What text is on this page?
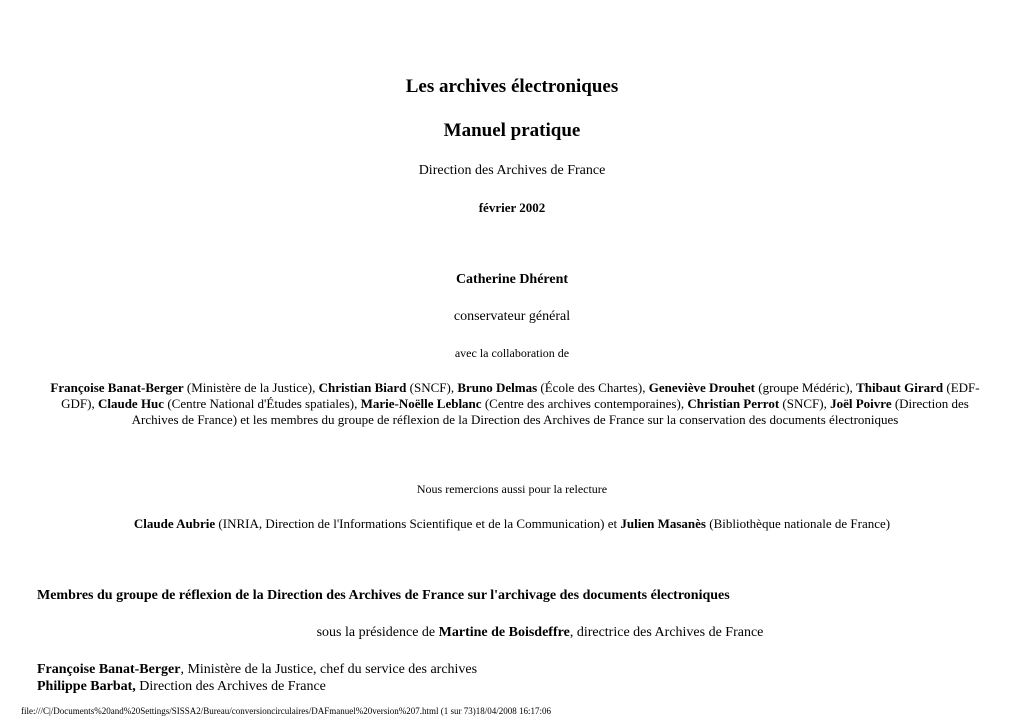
Les archives électroniques
Manuel pratique
Direction des Archives de France
février 2002
Catherine Dhérent
conservateur général
avec la collaboration de
Françoise Banat-Berger (Ministère de la Justice), Christian Biard (SNCF), Bruno Delmas (École des Chartes), Geneviève Drouhet (groupe Médéric), Thibaut Girard (EDF-GDF), Claude Huc (Centre National d'Études spatiales), Marie-Noëlle Leblanc (Centre des archives contemporaines), Christian Perrot (SNCF), Joël Poivre (Direction des Archives de France) et les membres du groupe de réflexion de la Direction des Archives de France sur la conservation des documents électroniques
Nous remercions aussi pour la relecture
Claude Aubrie (INRIA, Direction de l'Informations Scientifique et de la Communication) et Julien Masanès (Bibliothèque nationale de France)
Membres du groupe de réflexion de la Direction des Archives de France sur l'archivage des documents électroniques
sous la présidence de Martine de Boisdeffre, directrice des Archives de France
Françoise Banat-Berger, Ministère de la Justice, chef du service des archives
Philippe Barbat, Direction des Archives de France
file:///C|/Documents%20and%20Settings/SISSA2/Bureau/conversioncirculaires/DAFmanuel%20version%207.html (1 sur 73)18/04/2008 16:17:06
